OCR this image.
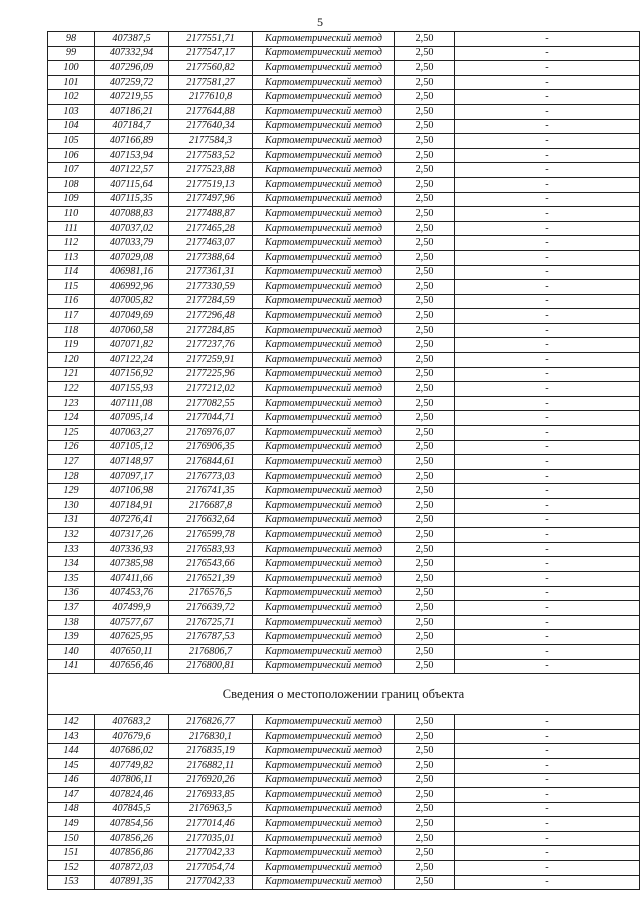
5
98	407387,5	2177551,71	Картометрический метод	2,50	-
99	407332,94	2177547,17	Картометрический метод	2,50	-
100	407296,09	2177560,82	Картометрический метод	2,50	-
101	407259,72	2177581,27	Картометрический метод	2,50	-
102	407219,55	2177610,8	Картометрический метод	2,50	-
103	407186,21	2177644,88	Картометрический метод	2,50	-
104	407184,7	2177640,34	Картометрический метод	2,50	-
105	407166,89	2177584,3	Картометрический метод	2,50	-
106	407153,94	2177583,52	Картометрический метод	2,50	-
107	407122,57	2177523,88	Картометрический метод	2,50	-
108	407115,64	2177519,13	Картометрический метод	2,50	-
109	407115,35	2177497,96	Картометрический метод	2,50	-
110	407088,83	2177488,87	Картометрический метод	2,50	-
111	407037,02	2177465,28	Картометрический метод	2,50	-
112	407033,79	2177463,07	Картометрический метод	2,50	-
113	407029,08	2177388,64	Картометрический метод	2,50	-
114	406981,16	2177361,31	Картометрический метод	2,50	-
115	406992,96	2177330,59	Картометрический метод	2,50	-
116	407005,82	2177284,59	Картометрический метод	2,50	-
117	407049,69	2177296,48	Картометрический метод	2,50	-
118	407060,58	2177284,85	Картометрический метод	2,50	-
119	407071,82	2177237,76	Картометрический метод	2,50	-
120	407122,24	2177259,91	Картометрический метод	2,50	-
121	407156,92	2177225,96	Картометрический метод	2,50	-
122	407155,93	2177212,02	Картометрический метод	2,50	-
123	407111,08	2177082,55	Картометрический метод	2,50	-
124	407095,14	2177044,71	Картометрический метод	2,50	-
125	407063,27	2176976,07	Картометрический метод	2,50	-
126	407105,12	2176906,35	Картометрический метод	2,50	-
127	407148,97	2176844,61	Картометрический метод	2,50	-
128	407097,17	2176773,03	Картометрический метод	2,50	-
129	407106,98	2176741,35	Картометрический метод	2,50	-
130	407184,91	2176687,8	Картометрический метод	2,50	-
131	407276,41	2176632,64	Картометрический метод	2,50	-
132	407317,26	2176599,78	Картометрический метод	2,50	-
133	407336,93	2176583,93	Картометрический метод	2,50	-
134	407385,98	2176543,66	Картометрический метод	2,50	-
135	407411,66	2176521,39	Картометрический метод	2,50	-
136	407453,76	2176576,5	Картометрический метод	2,50	-
137	407499,9	2176639,72	Картометрический метод	2,50	-
138	407577,67	2176725,71	Картометрический метод	2,50	-
139	407625,95	2176787,53	Картометрический метод	2,50	-
140	407650,11	2176806,7	Картометрический метод	2,50	-
141	407656,46	2176800,81	Картометрический метод	2,50	-
Сведения о местоположении границ объекта					
142	407683,2	2176826,77	Картометрический метод	2,50	-
143	407679,6	2176830,1	Картометрический метод	2,50	-
144	407686,02	2176835,19	Картометрический метод	2,50	-
145	407749,82	2176882,11	Картометрический метод	2,50	-
146	407806,11	2176920,26	Картометрический метод	2,50	-
147	407824,46	2176933,85	Картометрический метод	2,50	-
148	407845,5	2176963,5	Картометрический метод	2,50	-
149	407854,56	2177014,46	Картометрический метод	2,50	-
150	407856,26	2177035,01	Картометрический метод	2,50	-
151	407856,86	2177042,33	Картометрический метод	2,50	-
152	407872,03	2177054,74	Картометрический метод	2,50	-
153	407891,35	2177042,33	Картометрический метод	2,50	-
